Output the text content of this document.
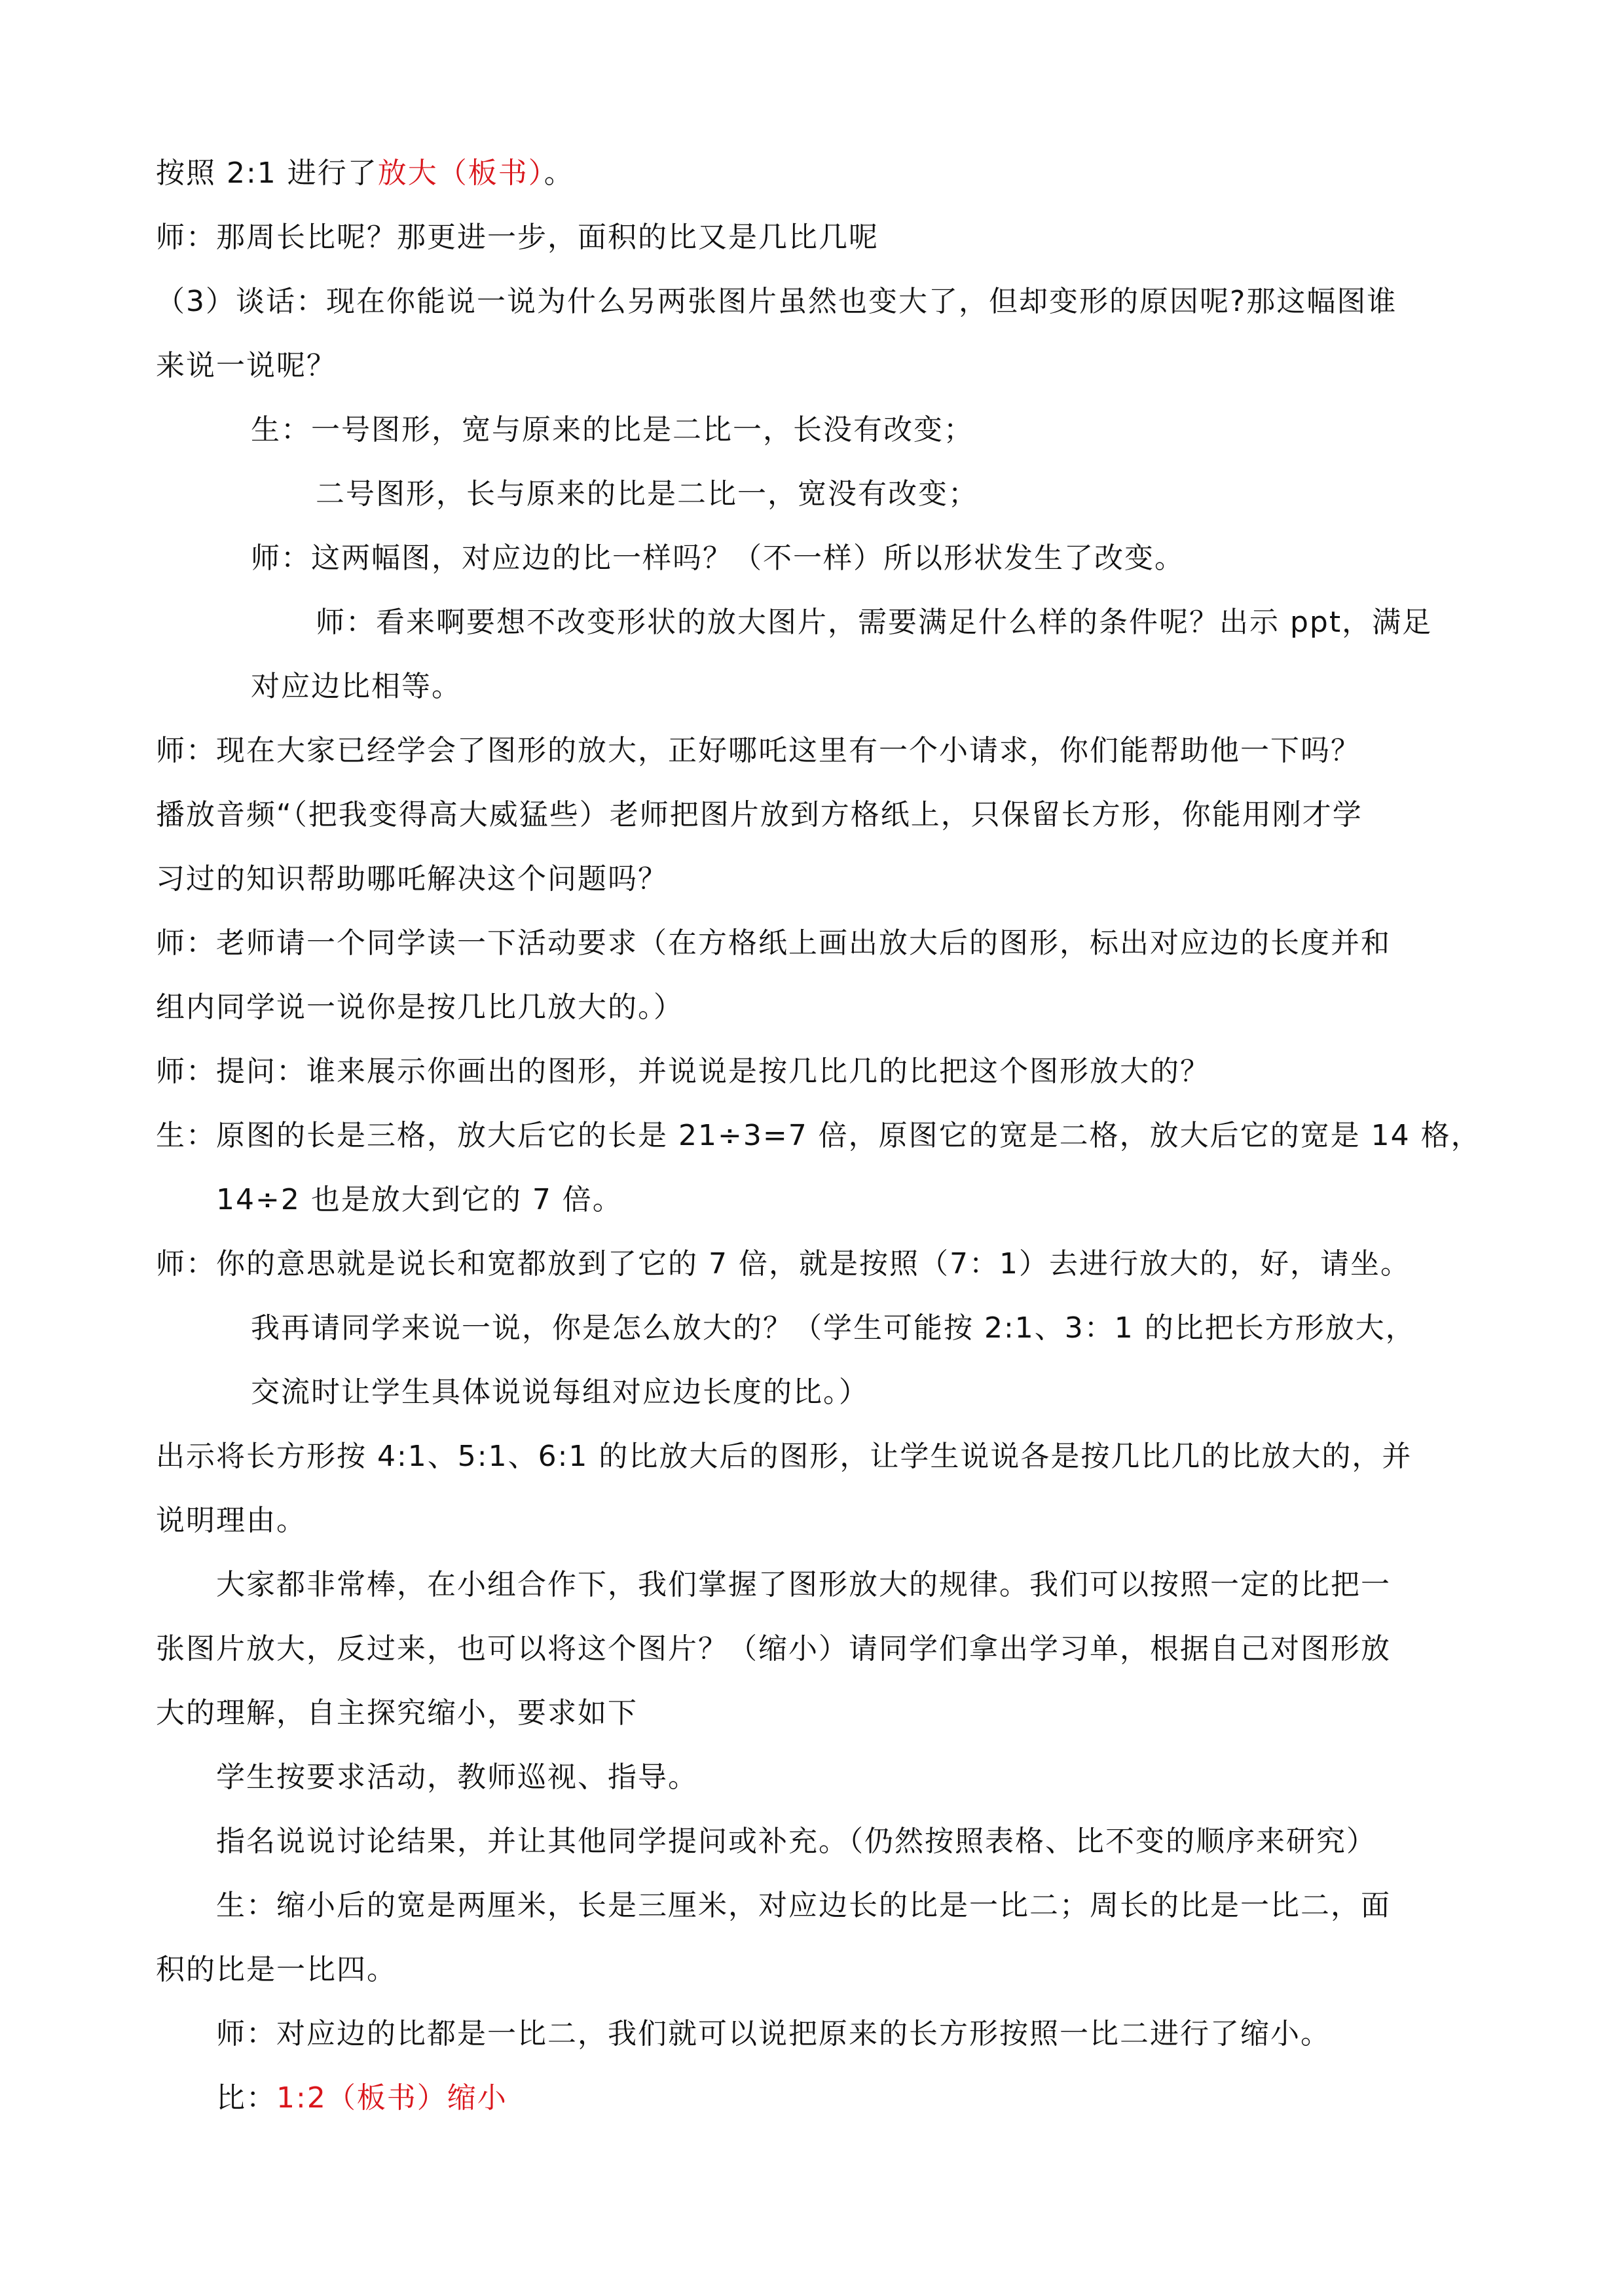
按照 2:1 进行了放大（板书）。
师：那周长比呢？那更进一步，面积的比又是几比几呢
（3）谈话：现在你能说一说为什么另两张图片虽然也变大了，但却变形的原因呢?那这幅图谁
来说一说呢？
生：一号图形，宽与原来的比是二比一，长没有改变；
二号图形，长与原来的比是二比一，宽没有改变；
师：这两幅图，对应边的比一样吗？（不一样）所以形状发生了改变。
师：看来啊要想不改变形状的放大图片，需要满足什么样的条件呢？出示 ppt，满足
对应边比相等。
师：现在大家已经学会了图形的放大，正好哪吒这里有一个小请求，你们能帮助他一下吗？
播放音频“（把我变得高大威猛些）老师把图片放到方格纸上，只保留长方形，你能用刚才学
习过的知识帮助哪吒解决这个问题吗？
师：老师请一个同学读一下活动要求（在方格纸上画出放大后的图形，标出对应边的长度并和
组内同学说一说你是按几比几放大的。）
师：提问：谁来展示你画出的图形，并说说是按几比几的比把这个图形放大的？
生：原图的长是三格，放大后它的长是 21÷3=7 倍，原图它的宽是二格，放大后它的宽是 14 格，
14÷2 也是放大到它的 7 倍。
师：你的意思就是说长和宽都放到了它的 7 倍，就是按照（7：1）去进行放大的，好，请坐。
我再请同学来说一说，你是怎么放大的？（学生可能按 2:1、3：1 的比把长方形放大，
交流时让学生具体说说每组对应边长度的比。）
出示将长方形按 4:1、5:1、6:1 的比放大后的图形，让学生说说各是按几比几的比放大的，并
说明理由。
大家都非常棒，在小组合作下，我们掌握了图形放大的规律。我们可以按照一定的比把一
张图片放大，反过来，也可以将这个图片？（缩小）请同学们拿出学习单，根据自己对图形放
大的理解，自主探究缩小，要求如下
学生按要求活动，教师巡视、指导。
指名说说讨论结果，并让其他同学提问或补充。（仍然按照表格、比不变的顺序来研究）
生：缩小后的宽是两厘米，长是三厘米，对应边长的比是一比二；周长的比是一比二，面
积的比是一比四。
师：对应边的比都是一比二，我们就可以说把原来的长方形按照一比二进行了缩小。
比：1:2（板书）缩小
